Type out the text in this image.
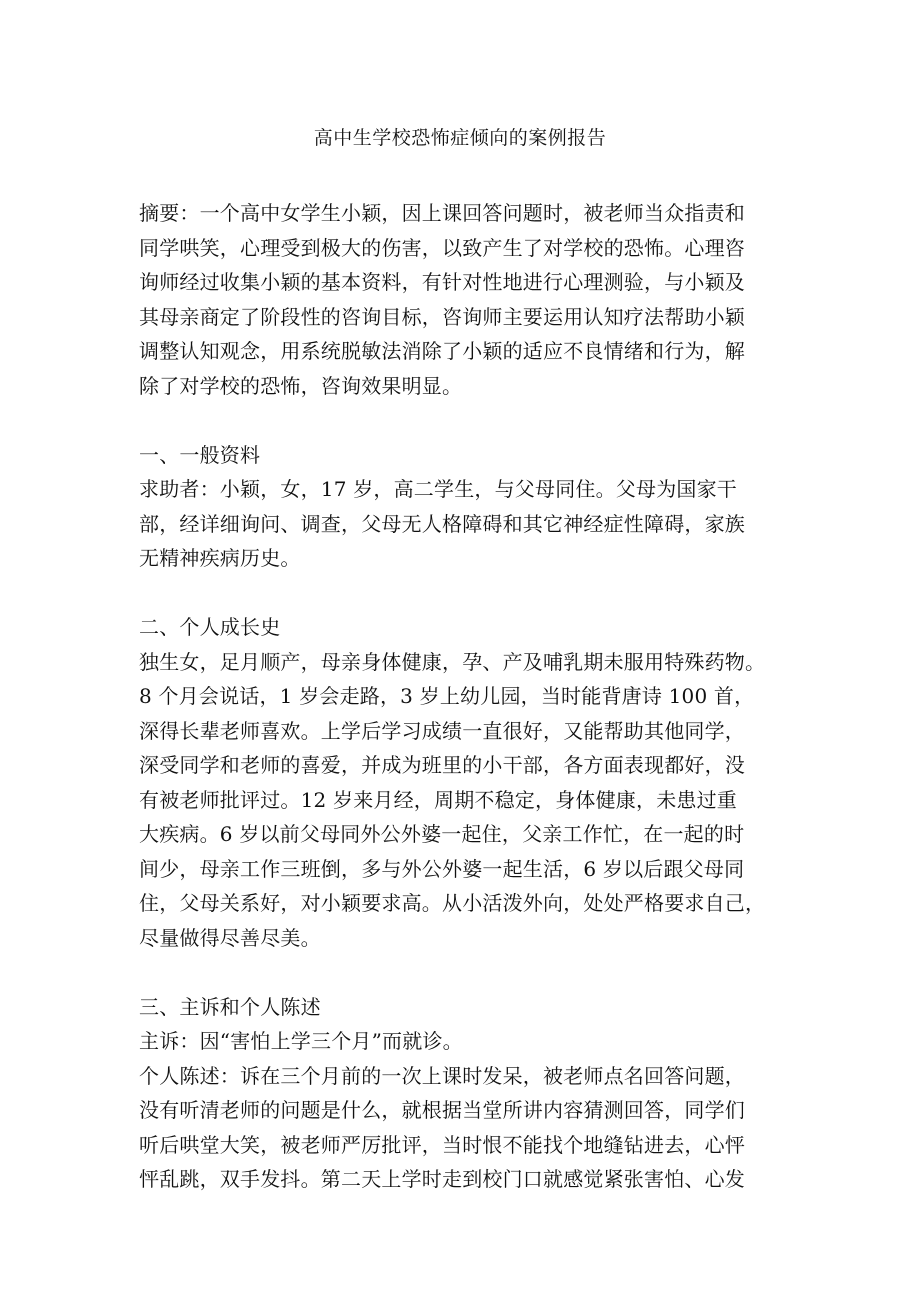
高中生学校恐怖症倾向的案例报告
摘要：一个高中女学生小颖，因上课回答问题时，被老师当众指责和
同学哄笑，心理受到极大的伤害，以致产生了对学校的恐怖。心理咨
询师经过收集小颖的基本资料，有针对性地进行心理测验，与小颖及
其母亲商定了阶段性的咨询目标，咨询师主要运用认知疗法帮助小颖
调整认知观念，用系统脱敏法消除了小颖的适应不良情绪和行为，解
除了对学校的恐怖，咨询效果明显。
一、一般资料
求助者：小颖，女，17 岁，高二学生，与父母同住。父母为国家干
部，经详细询问、调查，父母无人格障碍和其它神经症性障碍，家族
无精神疾病历史。
二、个人成长史
独生女，足月顺产，母亲身体健康，孕、产及哺乳期未服用特殊药物。
8 个月会说话，1 岁会走路，3 岁上幼儿园，当时能背唐诗 100 首，
深得长辈老师喜欢。上学后学习成绩一直很好，又能帮助其他同学，
深受同学和老师的喜爱，并成为班里的小干部，各方面表现都好，没
有被老师批评过。12 岁来月经，周期不稳定，身体健康，未患过重
大疾病。6 岁以前父母同外公外婆一起住，父亲工作忙，在一起的时
间少，母亲工作三班倒，多与外公外婆一起生活，6 岁以后跟父母同
住，父母关系好，对小颖要求高。从小活泼外向，处处严格要求自己，
尽量做得尽善尽美。
三、主诉和个人陈述
主诉：因“害怕上学三个月”而就诊。
个人陈述：诉在三个月前的一次上课时发呆，被老师点名回答问题，
没有听清老师的问题是什么，就根据当堂所讲内容猜测回答，同学们
听后哄堂大笑，被老师严厉批评，当时恨不能找个地缝钻进去，心怦
怦乱跳，双手发抖。第二天上学时走到校门口就感觉紧张害怕、心发
